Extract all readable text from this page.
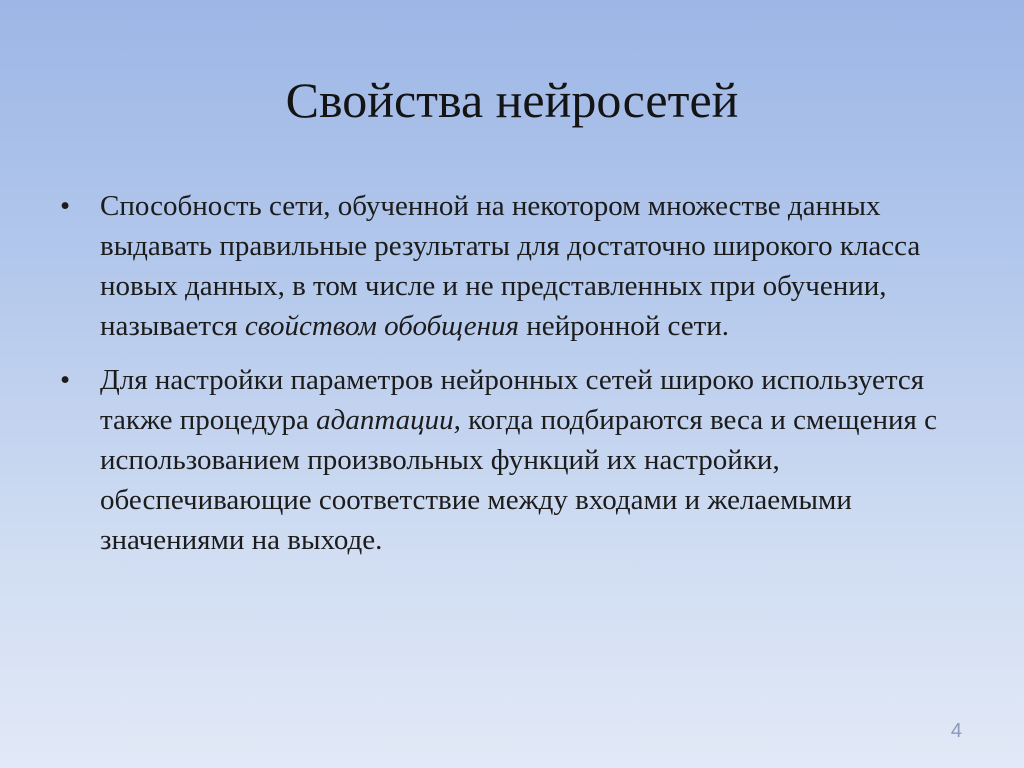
Свойства нейросетей
•	Способность сети, обученной на некотором множестве данных выдавать правильные результаты для достаточно широкого класса новых данных, в том числе и не представленных при обучении, называется свойством обобщения нейронной сети.
•	Для настройки параметров нейронных сетей широко используется также процедура адаптации, когда подбираются веса и смещения с использованием произвольных функций их настройки, обеспечивающие соответствие между входами и желаемыми значениями на выходе.
4
